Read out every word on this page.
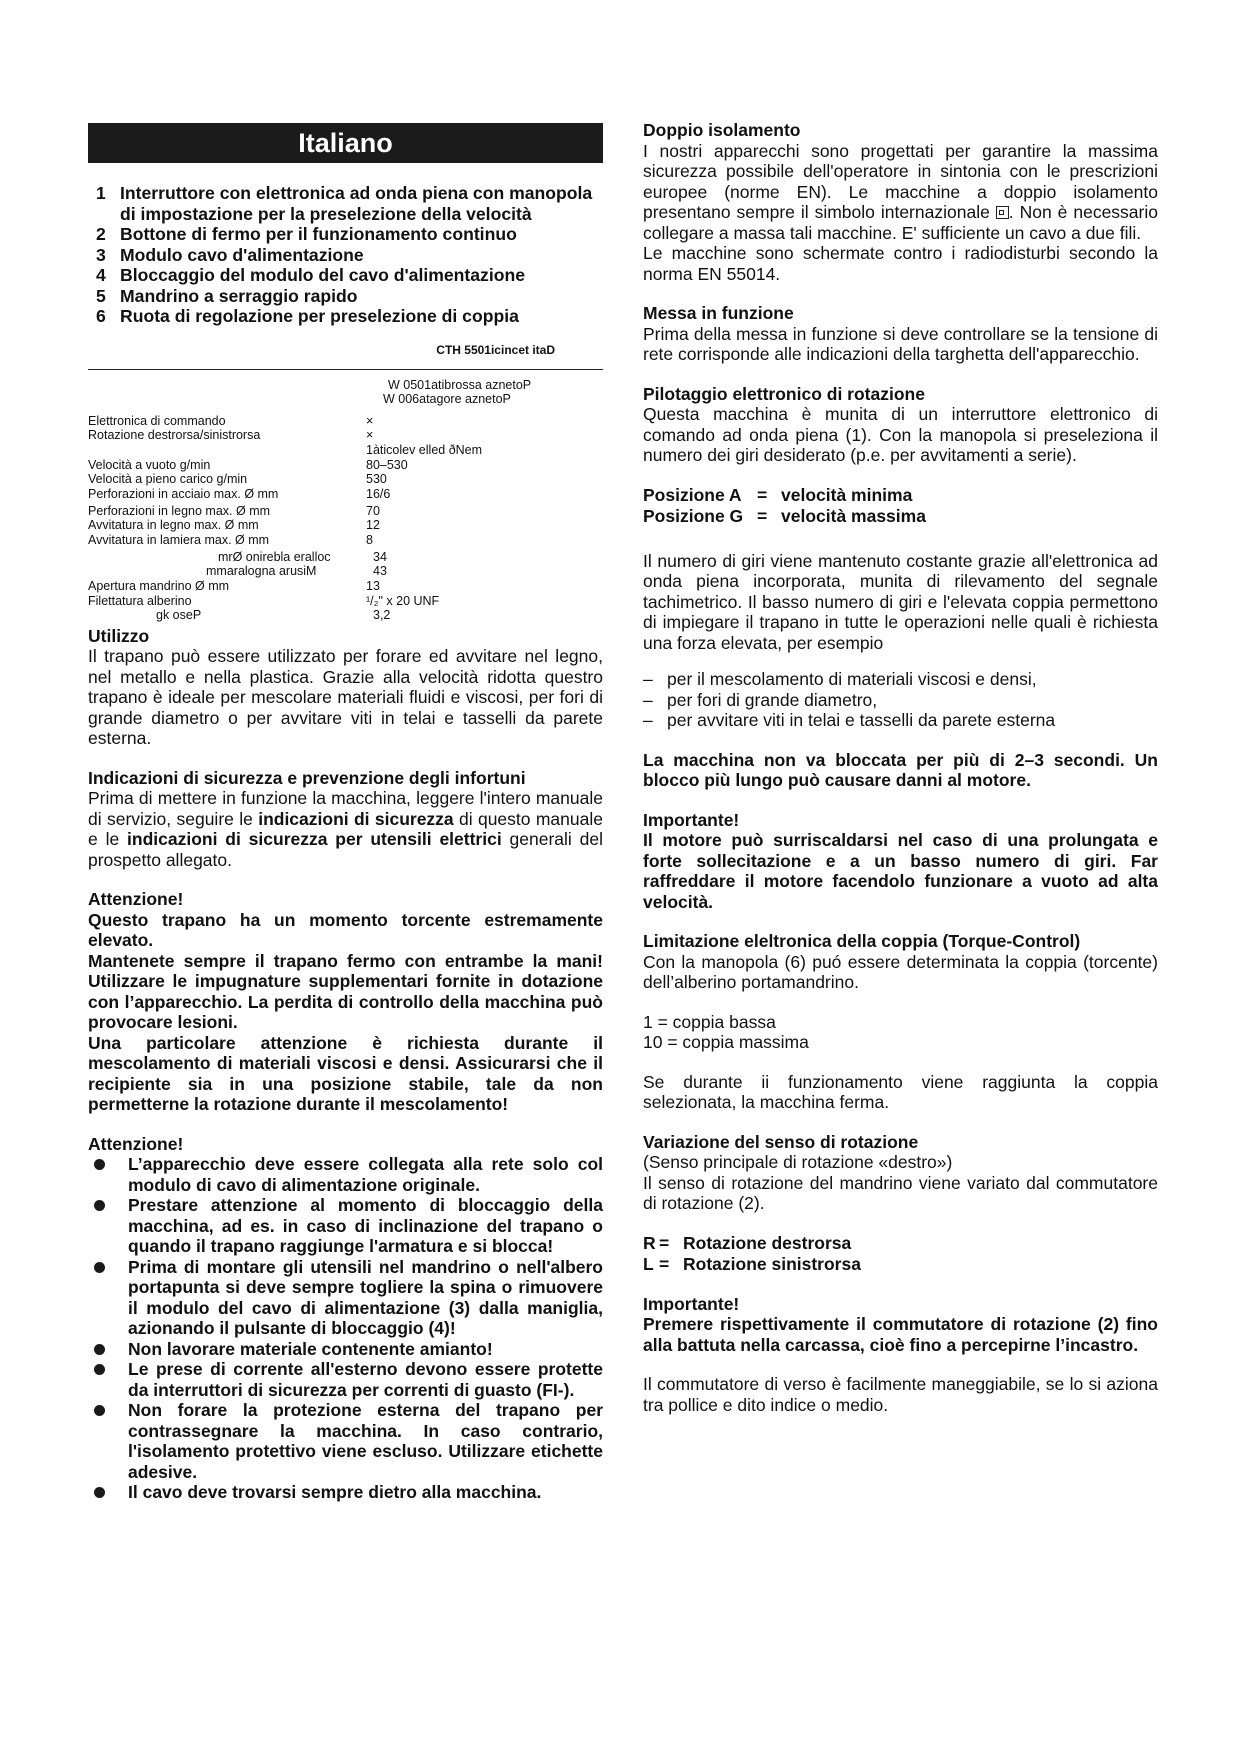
Italiano
1 Interruttore con elettronica ad onda piena con manopola di impostazione per la preselezione della velocità
2 Bottone di fermo per il funzionamento continuo
3 Modulo cavo d'alimentazione
4 Bloccaggio del modulo del cavo d'alimentazione
5 Mandrino a serraggio rapido
6 Ruota di regolazione per preselezione di coppia
CTH 5501icincet itaD
W 0501atibrossa aznetoP
W 006atagore aznetoP
Elettronica di commando	×
Rotazione destrorsa/sinistrorsa	×
1àticolev elled ðNem
Velocità a vuoto g/min	80–530
Velocità a pieno carico g/min	530
Perforazioni in acciaio max. Ø mm	16/6
Perforazioni in legno max. Ø mm	70
Avvitatura in legno max. Ø mm	12
Avvitatura in lamiera max. Ø mm	8
mrØ onirebla eralloc	34
mmaralogna arusiM	43
Apertura mandrino Ø mm	13
Filettatura alberino	¹/₂" x 20 UNF
gk oseP	3,2
Utilizzo

Il trapano può essere utilizzato per forare ed avvitare nel legno, nel metallo e nella plastica. Grazie alla velocità ridotta questro trapano è ideale per mescolare materiali fluidi e viscosi, per fori di grande diametro o per avvitare viti in telai e tasselli da parete esterna.

Indicazioni di sicurezza e prevenzione degli infortuni

Prima di mettere in funzione la macchina, leggere l'intero manuale di servizio, seguire le indicazioni di sicurezza di questo manuale e le indicazioni di sicurezza per utensili elettrici generali del prospetto allegato.

Attenzione!

Questo trapano ha un momento torcente estremamente elevato.

Mantenete sempre il trapano fermo con entrambe la mani! Utilizzare le impugnature supplementari fornite in dotazione con l’apparecchio. La perdita di controllo della macchina può provocare lesioni.

Una particolare attenzione è richiesta durante il mescolamento di materiali viscosi e densi. Assicurarsi che il recipiente sia in una posizione stabile, tale da non permetterne la rotazione durante il mescolamento!

Attenzione!
L’apparecchio deve essere collegata alla rete solo col modulo di cavo di alimentazione originale.
Prestare attenzione al momento di bloccaggio della macchina, ad es. in caso di inclinazione del trapano o quando il trapano raggiunge l'armatura e si blocca!
Prima di montare gli utensili nel mandrino o nell'albero portapunta si deve sempre togliere la spina o rimuovere il modulo del cavo di alimentazione (3) dalla maniglia, azionando il pulsante di bloccaggio (4)!
Non lavorare materiale contenente amianto!
Le prese di corrente all'esterno devono essere protette da interruttori di sicurezza per correnti di guasto (FI-).
Non forare la protezione esterna del trapano per contrassegnare la macchina. In caso contrario, l'isolamento protettivo viene escluso. Utilizzare etichette adesive.
Il cavo deve trovarsi sempre dietro alla macchina.
Doppio isolamento

I nostri apparecchi sono progettati per garantire la massima sicurezza possibile dell'operatore in sintonia con le prescrizioni europee (norme EN). Le macchine a doppio isolamento presentano sempre il simbolo internazionale . Non è necessario collegare a massa tali macchine. E' sufficiente un cavo a due fili.

Le macchine sono schermate contro i radiodisturbi secondo la norma EN 55014.

Messa in funzione

Prima della messa in funzione si deve controllare se la tensione di rete corrisponde alle indicazioni della targhetta dell'apparecchio.

Pilotaggio elettronico di rotazione

Questa macchina è munita di un interruttore elettronico di comando ad onda piena (1). Con la manopola si preseleziona il numero dei giri desiderato (p.e. per avvitamenti a serie).

Posizione A	=	velocità minima
Posizione G	=	velocità massima

Il numero di giri viene mantenuto costante grazie all'elettronica ad onda piena incorporata, munita di rilevamento del segnale tachimetrico. Il basso numero di giri e l'elevata coppia permettono di impiegare il trapano in tutte le operazioni nelle quali è richiesta una forza elevata, per esempio

– per il mescolamento di materiali viscosi e densi,
– per fori di grande diametro,
– per avvitare viti in telai e tasselli da parete esterna

La macchina non va bloccata per più di 2–3 secondi. Un blocco più lungo può causare danni al motore.

Importante!

Il motore può surriscaldarsi nel caso di una prolungata e forte sollecitazione e a un basso numero di giri. Far raffreddare il motore facendolo funzionare a vuoto ad alta velocità.

Limitazione eleltronica della coppia (Torque-Control)

Con la manopola (6) puó essere determinata la coppia (torcente) dell’alberino portamandrino.

1 = coppia bassa

10 = coppia massima

Se durante ii funzionamento viene raggiunta la coppia selezionata, la macchina ferma.

Variazione del senso di rotazione

(Senso principale di rotazione «destro»)

Il senso di rotazione del mandrino viene variato dal commutatore di rotazione (2).

R	=	Rotazione destrorsa
L	=	Rotazione sinistrorsa
Importante!

Premere rispettivamente il commutatore di rotazione (2) fino alla battuta nella carcassa, cioè fino a percepirne l’incastro.

Il commutatore di verso è facilmente maneggiabile, se lo si aziona tra pollice e dito indice o medio.
